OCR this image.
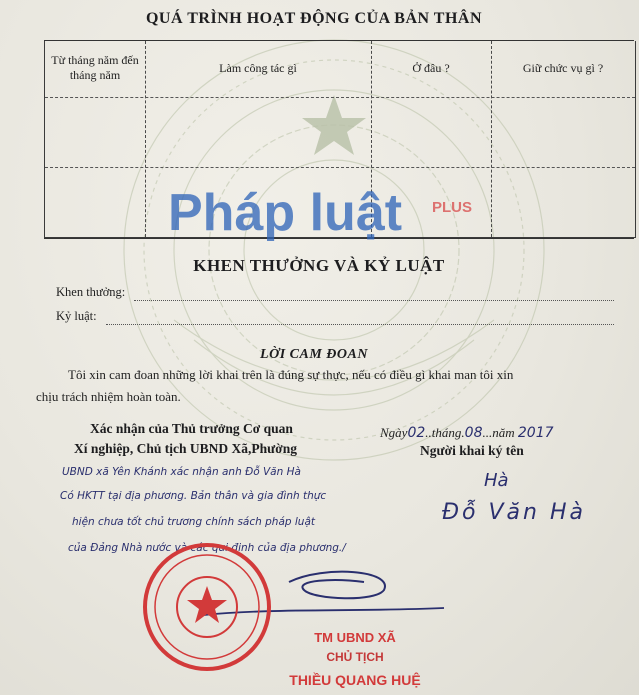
QUÁ TRÌNH HOẠT ĐỘNG CỦA BẢN THÂN
Từ tháng năm đến tháng năm	Làm công tác gì	Ở đâu ?	Giữ chức vụ gì ?
KHEN THƯỞNG VÀ KỶ LUẬT
Khen thưởng:
Kỷ luật:
LỜI CAM ĐOAN
Tôi xin cam đoan những lời khai trên là đúng sự thực, nếu có điều gì khai man tôi xin
chịu trách nhiệm hoàn toàn.
Xác nhận của Thủ trưởng Cơ quan
Xí nghiệp, Chủ tịch UBND Xã,Phường
Ngày02..tháng.08...năm 2017
Người khai ký tên
UBND xã Yên Khánh xác nhận anh Đỗ Văn Hà
Có HKTT tại địa phương. Bản thân và gia đình thực
hiện chưa tốt chủ trương chính sách pháp luật
của Đảng Nhà nước và các qui định của địa phương./
Hà
Đỗ Văn Hà
Pháp luật PLUS
TM UBND XÃ
CHỦ TỊCH
THIỀU QUANG HUỆ
